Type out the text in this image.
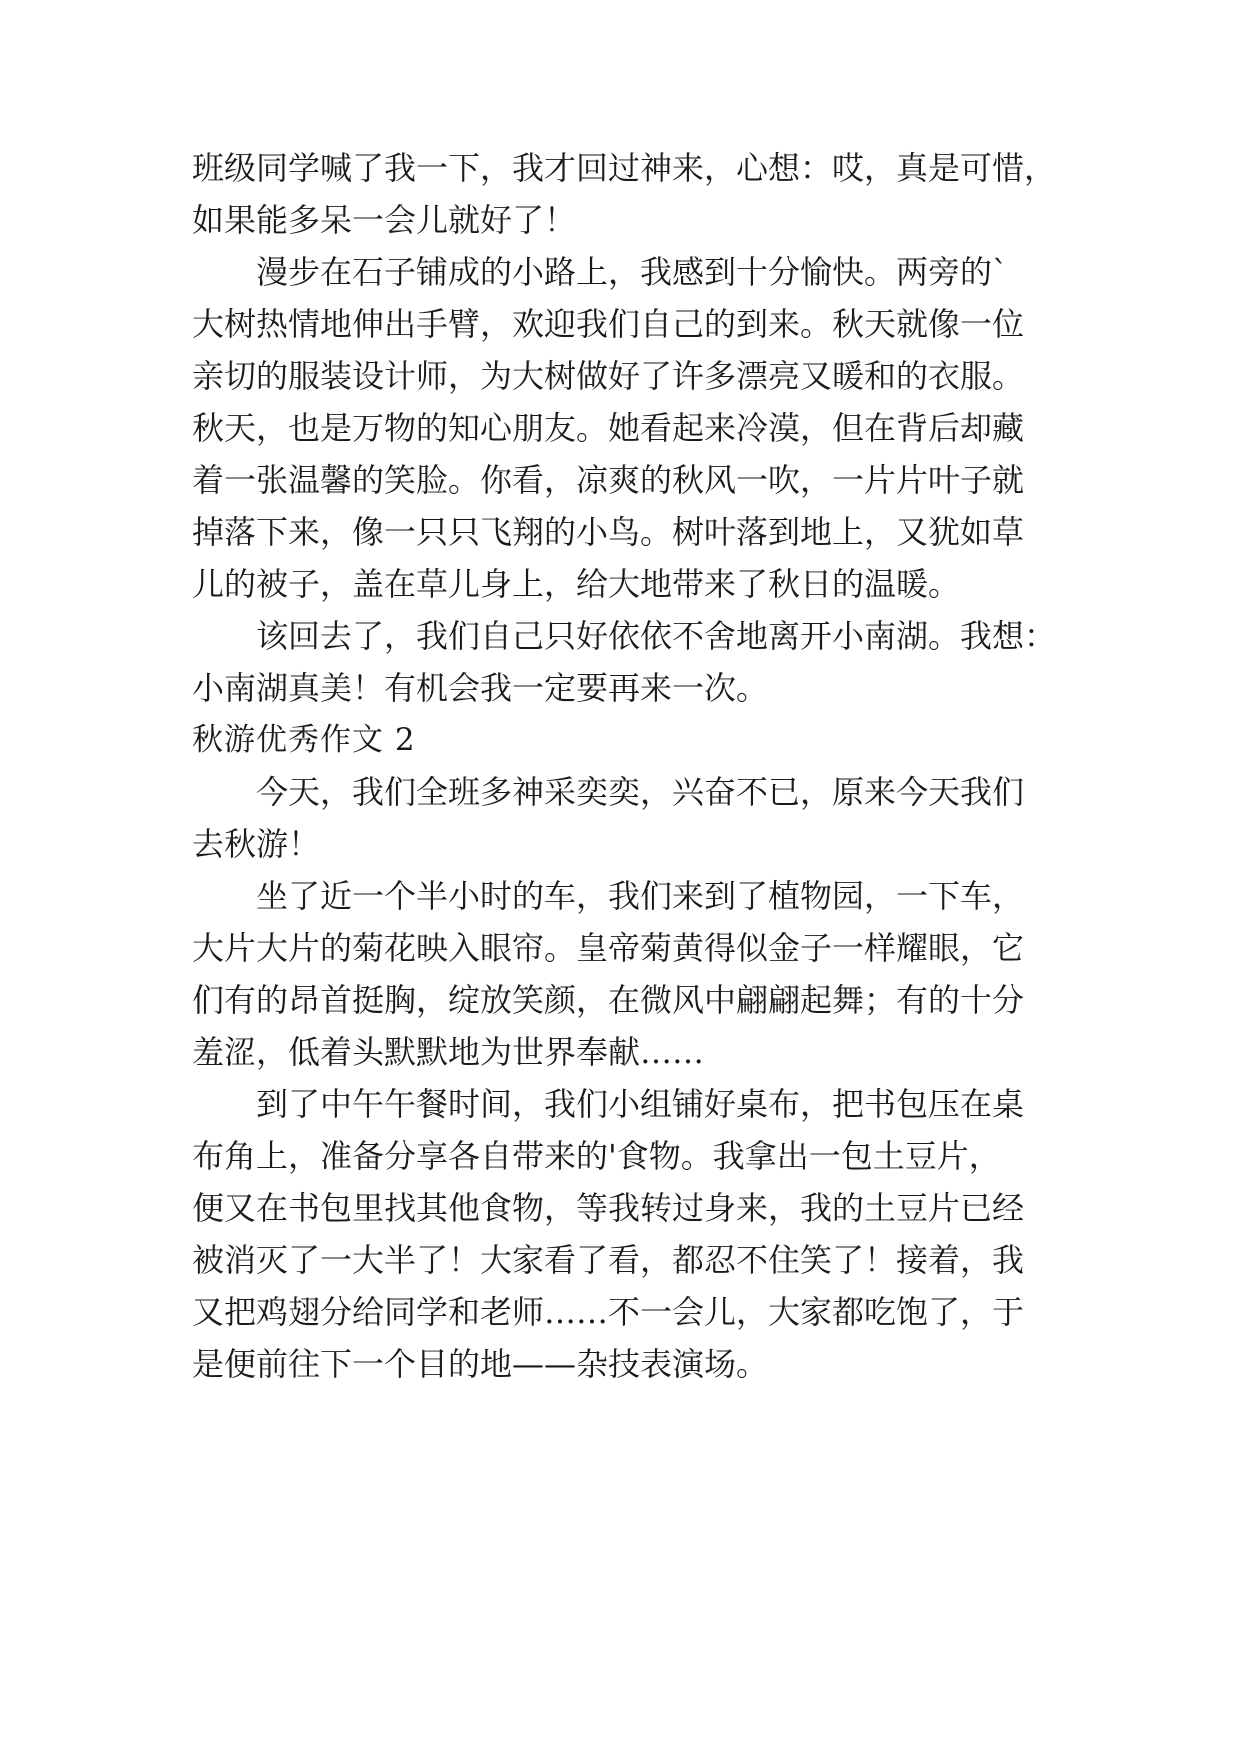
班级同学喊了我一下，我才回过神来，心想：哎，真是可惜，
如果能多呆一会儿就好了！
　　漫步在石子铺成的小路上，我感到十分愉快。两旁的`
大树热情地伸出手臂，欢迎我们自己的到来。秋天就像一位
亲切的服装设计师，为大树做好了许多漂亮又暖和的衣服。
秋天，也是万物的知心朋友。她看起来冷漠，但在背后却藏
着一张温馨的笑脸。你看，凉爽的秋风一吹，一片片叶子就
掉落下来，像一只只飞翔的小鸟。树叶落到地上，又犹如草
儿的被子，盖在草儿身上，给大地带来了秋日的温暖。
　　该回去了，我们自己只好依依不舍地离开小南湖。我想：
小南湖真美！有机会我一定要再来一次。
秋游优秀作文 2
　　今天，我们全班多神采奕奕，兴奋不已，原来今天我们
去秋游！
　　坐了近一个半小时的车，我们来到了植物园，一下车，
大片大片的菊花映入眼帘。皇帝菊黄得似金子一样耀眼，它
们有的昂首挺胸，绽放笑颜，在微风中翩翩起舞；有的十分
羞涩，低着头默默地为世界奉献……
　　到了中午午餐时间，我们小组铺好桌布，把书包压在桌
布角上，准备分享各自带来的'食物。我拿出一包土豆片，
便又在书包里找其他食物，等我转过身来，我的土豆片已经
被消灭了一大半了！大家看了看，都忍不住笑了！接着，我
又把鸡翅分给同学和老师……不一会儿，大家都吃饱了，于
是便前往下一个目的地——杂技表演场。
